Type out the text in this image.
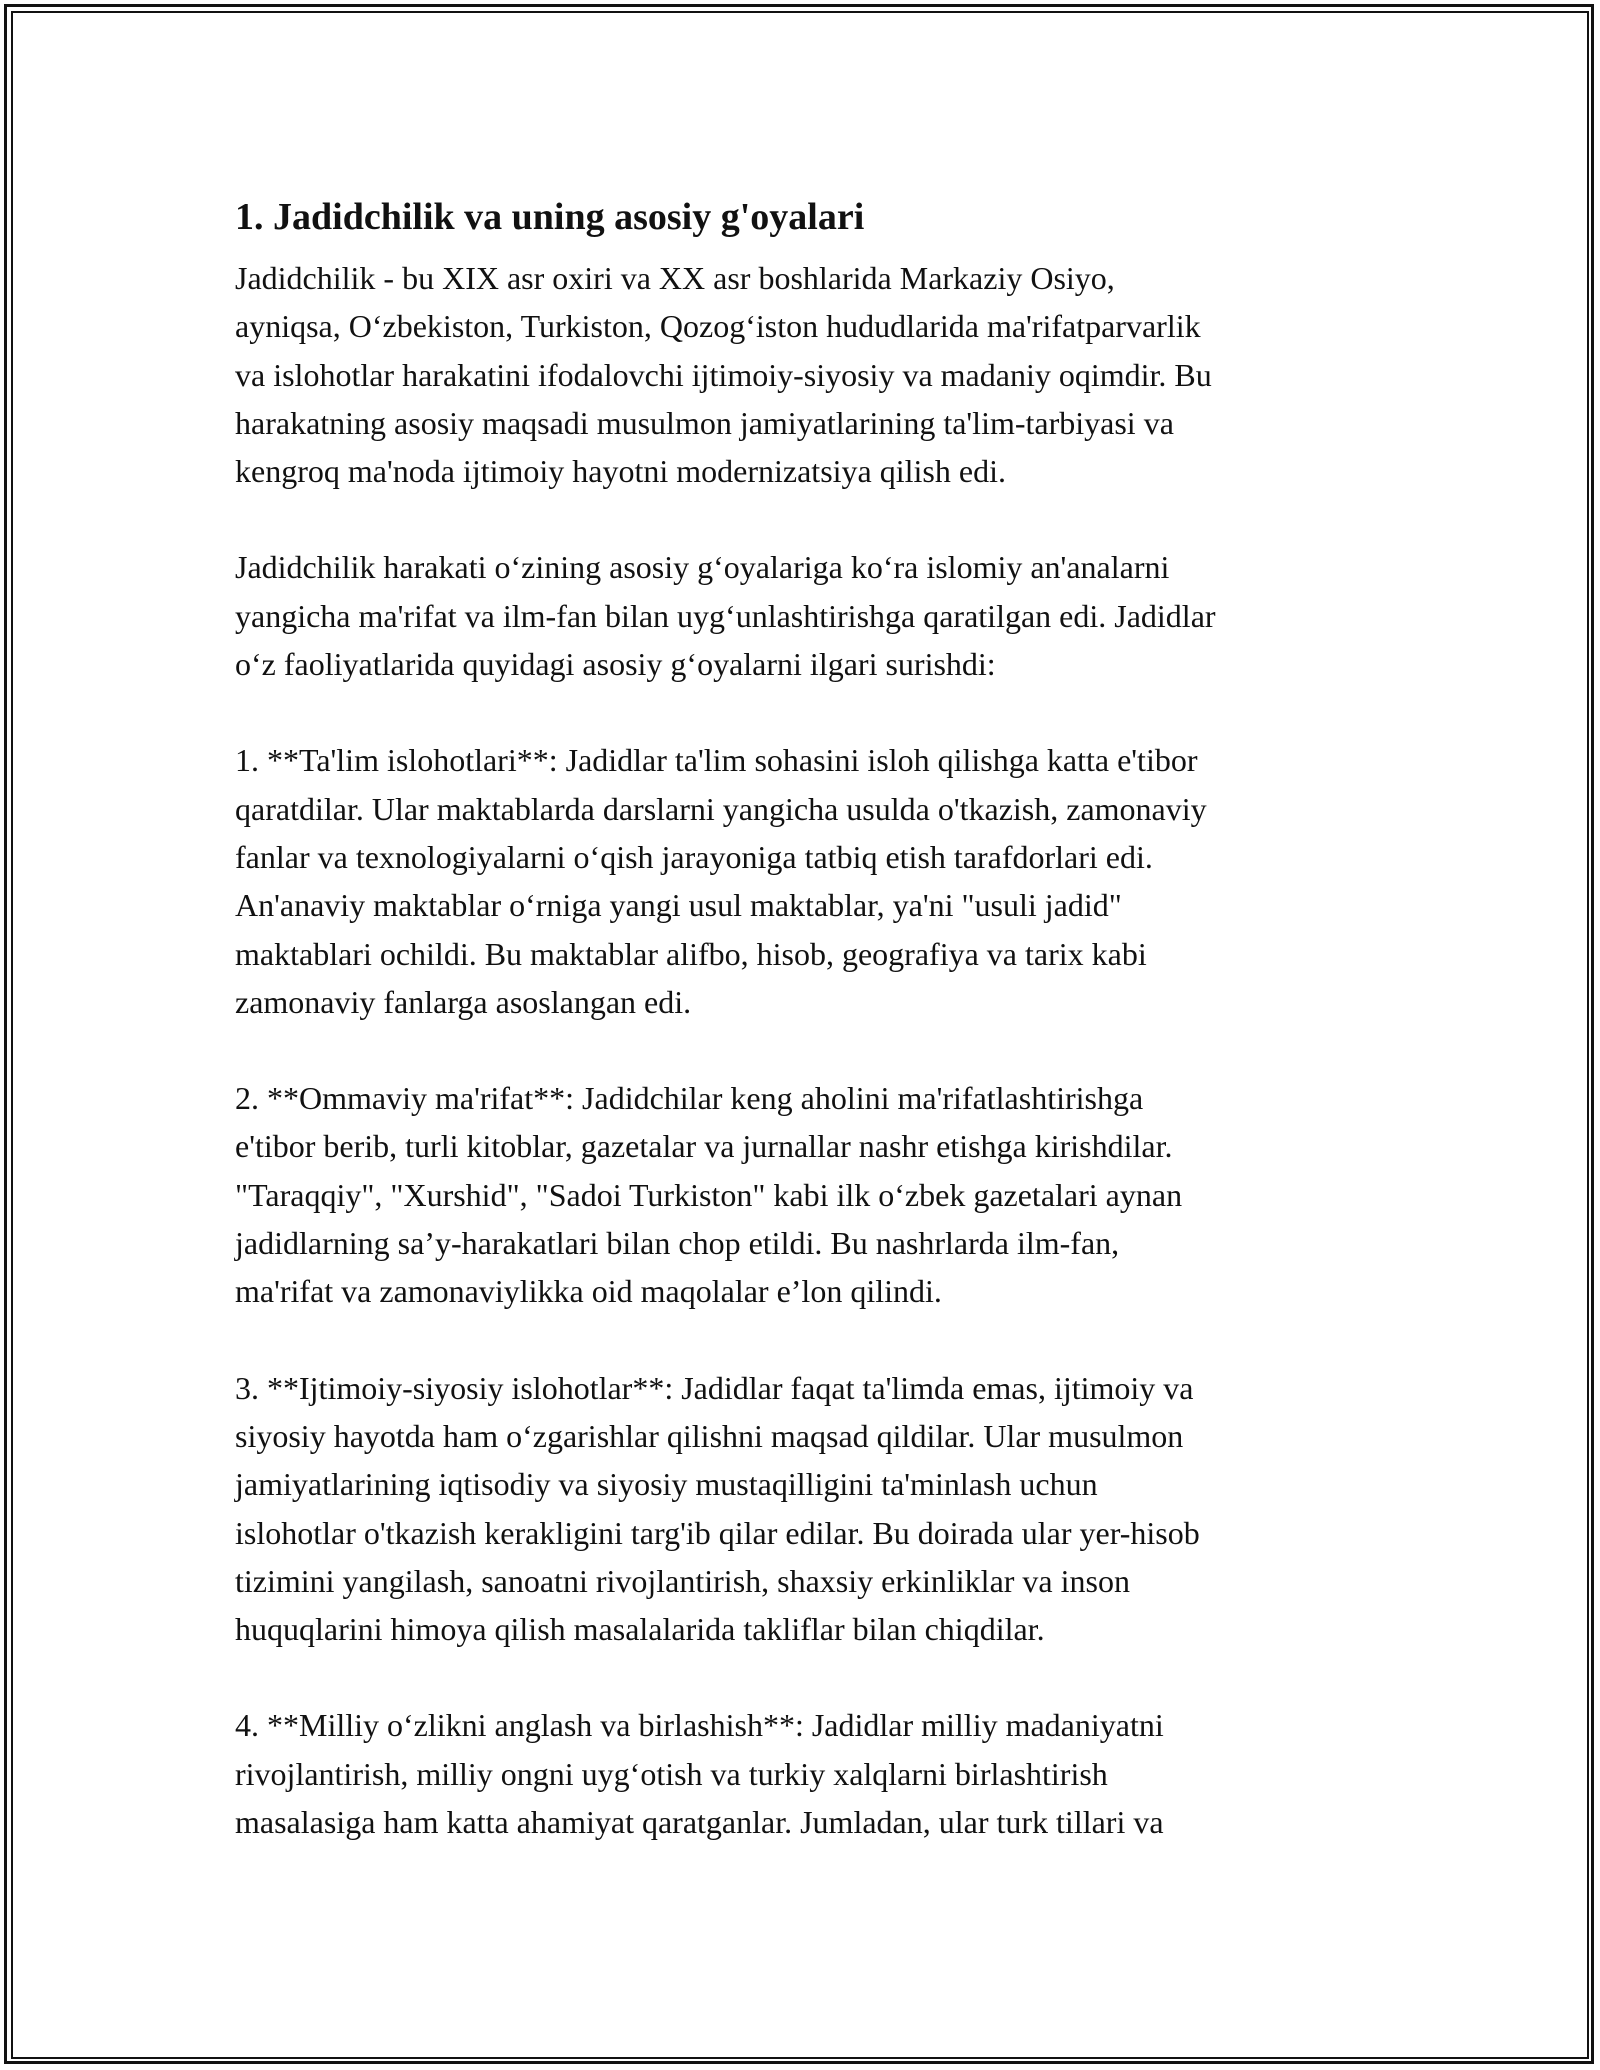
1. Jadidchilik va uning asosiy g'oyalari

Jadidchilik - bu XIX asr oxiri va XX asr boshlarida Markaziy Osiyo,
ayniqsa, Oʻzbekiston, Turkiston, Qozogʻiston hududlarida ma'rifatparvarlik
va islohotlar harakatini ifodalovchi ijtimoiy-siyosiy va madaniy oqimdir. Bu
harakatning asosiy maqsadi musulmon jamiyatlarining ta'lim-tarbiyasi va
kengroq ma'noda ijtimoiy hayotni modernizatsiya qilish edi.

Jadidchilik harakati oʻzining asosiy gʻoyalariga koʻra islomiy an'analarni
yangicha ma'rifat va ilm-fan bilan uygʻunlashtirishga qaratilgan edi. Jadidlar
oʻz faoliyatlarida quyidagi asosiy gʻoyalarni ilgari surishdi:

1. **Ta'lim islohotlari**: Jadidlar ta'lim sohasini isloh qilishga katta e'tibor
qaratdilar. Ular maktablarda darslarni yangicha usulda o'tkazish, zamonaviy
fanlar va texnologiyalarni oʻqish jarayoniga tatbiq etish tarafdorlari edi.
An'anaviy maktablar oʻrniga yangi usul maktablar, ya'ni "usuli jadid"
maktablari ochildi. Bu maktablar alifbo, hisob, geografiya va tarix kabi
zamonaviy fanlarga asoslangan edi.

2. **Ommaviy ma'rifat**: Jadidchilar keng aholini ma'rifatlashtirishga
e'tibor berib, turli kitoblar, gazetalar va jurnallar nashr etishga kirishdilar.
"Taraqqiy", "Xurshid", "Sadoi Turkiston" kabi ilk oʻzbek gazetalari aynan
jadidlarning sa’y-harakatlari bilan chop etildi. Bu nashrlarda ilm-fan,
ma'rifat va zamonaviylikka oid maqolalar e’lon qilindi.

3. **Ijtimoiy-siyosiy islohotlar**: Jadidlar faqat ta'limda emas, ijtimoiy va
siyosiy hayotda ham oʻzgarishlar qilishni maqsad qildilar. Ular musulmon
jamiyatlarining iqtisodiy va siyosiy mustaqilligini ta'minlash uchun
islohotlar o'tkazish kerakligini targ'ib qilar edilar. Bu doirada ular yer-hisob
tizimini yangilash, sanoatni rivojlantirish, shaxsiy erkinliklar va inson
huquqlarini himoya qilish masalalarida takliflar bilan chiqdilar.

4. **Milliy oʻzlikni anglash va birlashish**: Jadidlar milliy madaniyatni
rivojlantirish, milliy ongni uygʻotish va turkiy xalqlarni birlashtirish
masalasiga ham katta ahamiyat qaratganlar. Jumladan, ular turk tillari va
